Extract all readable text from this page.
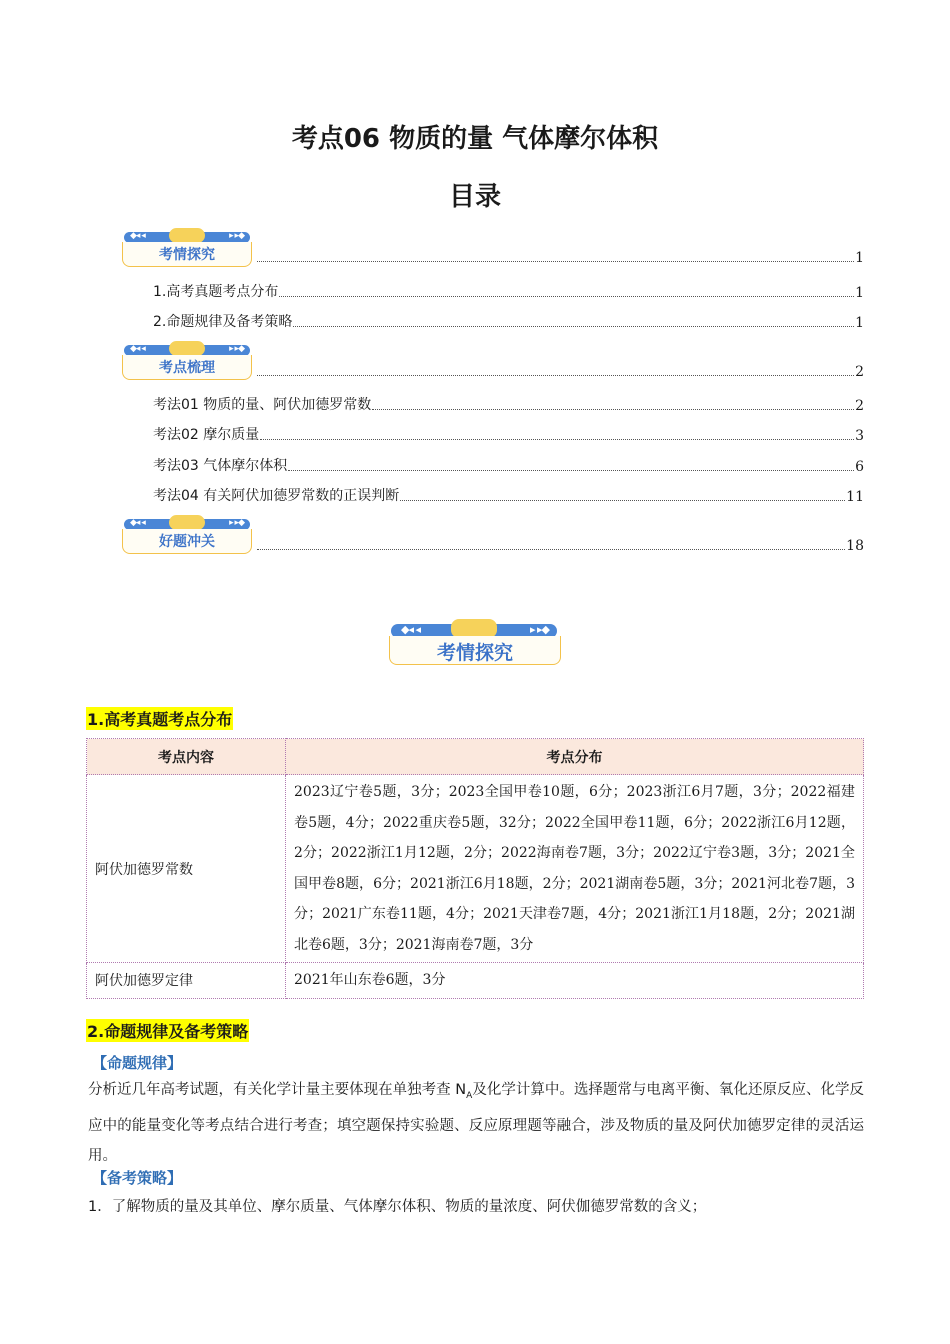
考点06 物质的量 气体摩尔体积
目录
◆◂ ◂	▸ ▸◆
考情探究	1
1.高考真题考点分布	1
2.命题规律及备考策略	1
◆◂ ◂	▸ ▸◆
考点梳理	2
考法01 物质的量、阿伏加德罗常数	2
考法02 摩尔质量	3
考法03 气体摩尔体积	6
考法04 有关阿伏加德罗常数的正误判断	11
◆◂ ◂	▸ ▸◆
好题冲关	18
◆◂ ◂	▸ ▸◆
考情探究
1.高考真题考点分布
考点内容	考点分布
阿伏加德罗常数	2023辽宁卷5题，3分；2023全国甲卷10题，6分；2023浙江6月7题，3分；2022福建卷5题，4分；2022重庆卷5题，32分；2022全国甲卷11题，6分；2022浙江6月12题，2分；2022浙江1月12题，2分；2022海南卷7题，3分；2022辽宁卷3题，3分；2021全国甲卷8题，6分；2021浙江6月18题，2分；2021湖南卷5题，3分；2021河北卷7题，3分；2021广东卷11题，4分；2021天津卷7题，4分；2021浙江1月18题，2分；2021湖北卷6题，3分；2021海南卷7题，3分
阿伏加德罗定律	2021年山东卷6题，3分
2.命题规律及备考策略
【命题规律】
分析近几年高考试题，有关化学计量主要体现在单独考查 $N_A$及化学计算中。选择题常与电离平衡、氧化还原反应、化学反应中的能量变化等考点结合进行考查；填空题保持实验题、反应原理题等融合，涉及物质的量及阿伏加德罗定律的灵活运用。
【备考策略】
1．了解物质的量及其单位、摩尔质量、气体摩尔体积、物质的量浓度、阿伏伽德罗常数的含义；
